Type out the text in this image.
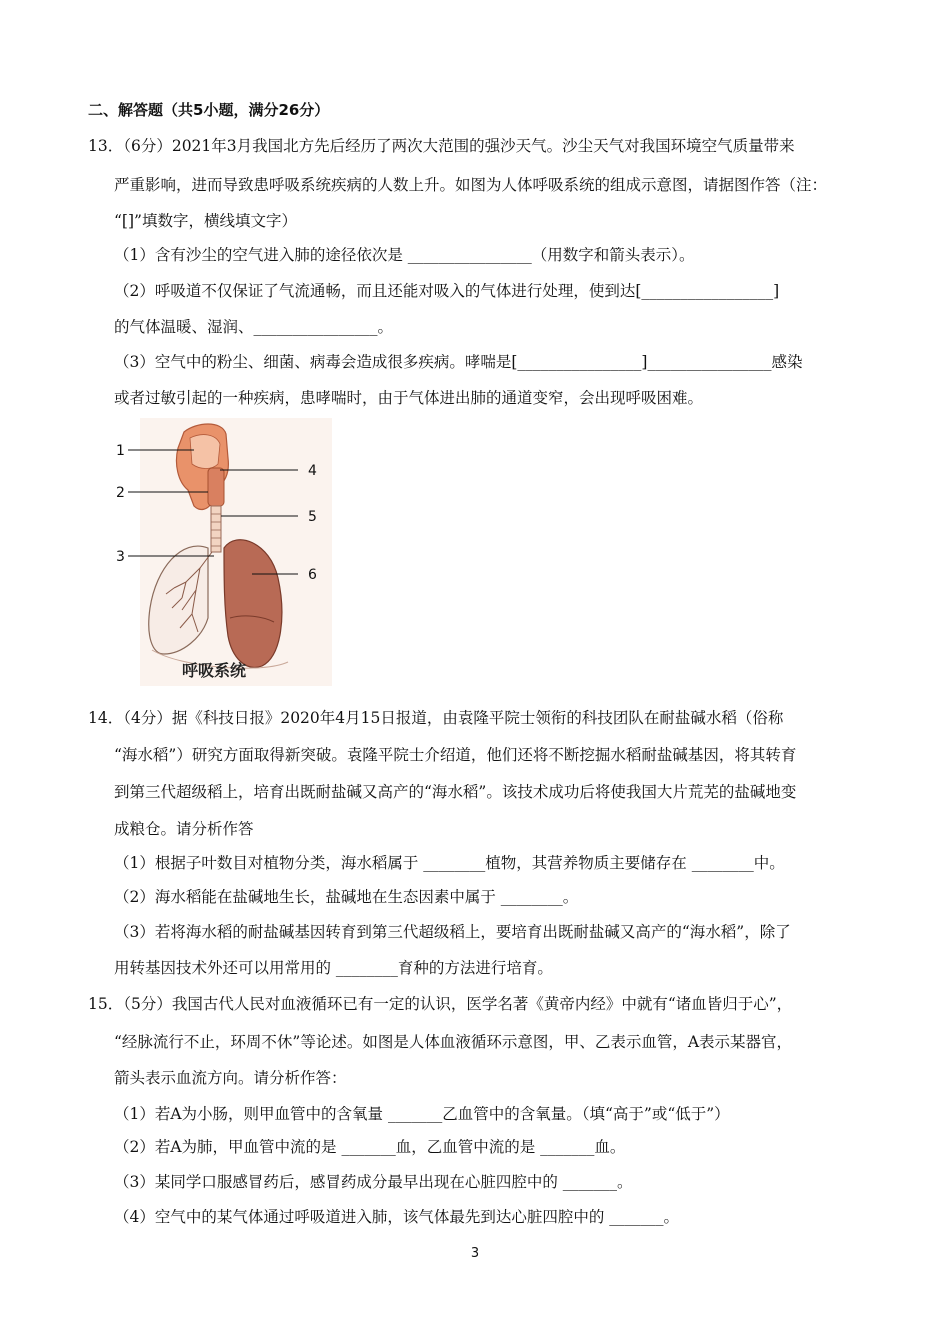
二、解答题（共5小题，满分26分）
13．（6分）2021年3月我国北方先后经历了两次大范围的强沙天气。沙尘天气对我国环境空气质量带来
严重影响，进而导致患呼吸系统疾病的人数上升。如图为人体呼吸系统的组成示意图，请据图作答（注：
“[]”填数字，横线填文字）
（1）含有沙尘的空气进入肺的途径依次是 ________________（用数字和箭头表示）。
（2）呼吸道不仅保证了气流通畅，而且还能对吸入的气体进行处理，使到达[_________________]
的气体温暖、湿润、________________。
（3）空气中的粉尘、细菌、病毒会造成很多疾病。哮喘是[________________]________________感染
或者过敏引起的一种疾病，患哮喘时，由于气体进出肺的通道变窄，会出现呼吸困难。
1
2
3
4
5
6
呼吸系统
14．（4分）据《科技日报》2020年4月15日报道，由袁隆平院士领衔的科技团队在耐盐碱水稻（俗称
“海水稻”）研究方面取得新突破。袁隆平院士介绍道，他们还将不断挖掘水稻耐盐碱基因，将其转育
到第三代超级稻上，培育出既耐盐碱又高产的“海水稻”。该技术成功后将使我国大片荒芜的盐碱地变
成粮仓。请分析作答
（1）根据子叶数目对植物分类，海水稻属于 ________植物，其营养物质主要储存在 ________中。
（2）海水稻能在盐碱地生长，盐碱地在生态因素中属于 ________。
（3）若将海水稻的耐盐碱基因转育到第三代超级稻上，要培育出既耐盐碱又高产的“海水稻”，除了
用转基因技术外还可以用常用的 ________育种的方法进行培育。
15．（5分）我国古代人民对血液循环已有一定的认识，医学名著《黄帝内经》中就有“诸血皆归于心”，
“经脉流行不止，环周不休”等论述。如图是人体血液循环示意图，甲、乙表示血管，A表示某器官，
箭头表示血流方向。请分析作答：
（1）若A为小肠，则甲血管中的含氧量 _______乙血管中的含氧量。（填“高于”或“低于”）
（2）若A为肺，甲血管中流的是 _______血，乙血管中流的是 _______血。
（3）某同学口服感冒药后，感冒药成分最早出现在心脏四腔中的 _______。
（4）空气中的某气体通过呼吸道进入肺，该气体最先到达心脏四腔中的 _______。
3
